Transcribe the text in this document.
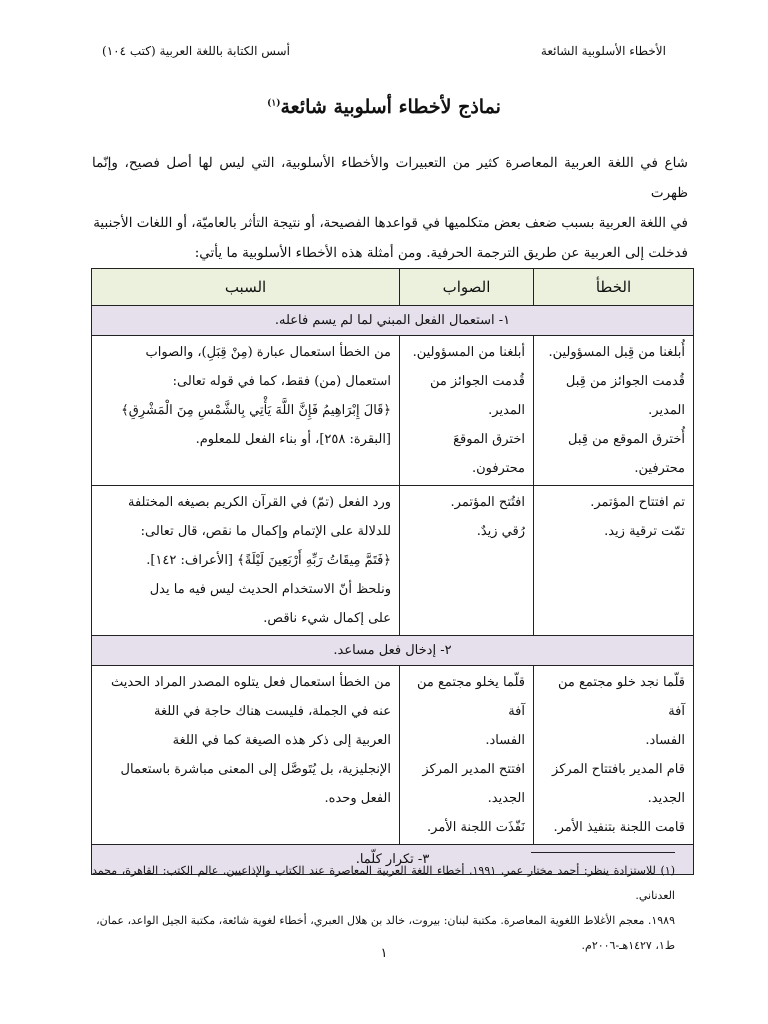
الأخطاء الأسلوبية الشائعة
أسس الكتابة باللغة العربية (كتب ١٠٤)
نماذج لأخطاء أسلوبية شائعة$^{(١)}$

شاع في اللغة العربية المعاصرة كثير من التعبيرات والأخطاء الأسلوبية، التي ليس لها أصل فصيح، وإنّما ظهرت

في اللغة العربية بسبب ضعف بعض متكلميها في قواعدها الفصيحة، أو نتيجة التأثر بالعاميّة، أو اللغات الأجنبية

فدخلت إلى العربية عن طريق الترجمة الحرفية. ومن أمثلة هذه الأخطاء الأسلوبية ما يأتي:

الخطأ	الصواب	السبب
١- استعمال الفعل المبني لما لم يسم فاعله.		

أُبلغنا من قِبل المسؤولين.
قُدمت الجوائز من قِبل المدير.
أُخترق الموقع من قِبل محترفين.	أبلغنا من المسؤولين.
قُدمت الجوائز من المدير.
اخترق الموقعَ محترفون.	من الخطأ استعمال عبارة (مِنْ قِبَلِ)، والصواب
استعمال (من) فقط، كما في قوله تعالى:
﴿قَالَ إِبْرَاهِيمُ فَإِنَّ اللَّهَ يَأْتِي بِالشَّمْسِ مِنَ الْمَشْرِقِ﴾
[البقرة: ٢٥٨]، أو بناء الفعل للمعلوم.

تم افتتاح المؤتمر.
تمّت ترقية زيد.	افتُتح المؤتمر.
رُقي زيدٌ.	ورد الفعل (تمّ) في القرآن الكريم بصيغه المختلفة
للدلالة على الإتمام وإكمال ما نقص، قال تعالى:
﴿فَتَمَّ مِيقَاتُ رَبِّهِ أَرْبَعِينَ لَيْلَةً﴾ [الأعراف: ١٤٢].
ونلحظ أنّ الاستخدام الحديث ليس فيه ما يدل
على إكمال شيء ناقص.

٢- إدخال فعل مساعد.		

قلّما نجد خلو مجتمع من آفة
الفساد.
قام المدير بافتتاح المركز الجديد.
قامت اللجنة بتنفيذ الأمر.	قلّما يخلو مجتمع من آفة
الفساد.
افتتح المدير المركز الجديد.
نَفّذَت اللجنة الأمر.	من الخطأ استعمال فعل يتلوه المصدر المراد الحديث
عنه في الجملة، فليست هناك حاجة في اللغة
العربية إلى ذكر هذه الصيغة كما في اللغة
الإنجليزية، بل يُتَوصَّل إلى المعنى مباشرة باستعمال
الفعل وحده.

٣- تكرار كلّما.		

(١) للاستزادة ينظر: أحمد مختار عمر. ١٩٩١. أخطاء اللغة العربية المعاصرة عند الكتاب والإذاعيين. عالم الكتب: القاهرة، محمد العدناني.

١٩٨٩. معجم الأغلاط اللغوية المعاصرة. مكتبة لبنان: بيروت، خالد بن هلال العبري، أخطاء لغوية شائعة، مكتبة الجيل الواعد، عمان،

ط١، ١٤٢٧هـ-٢٠٠٦م.

١
